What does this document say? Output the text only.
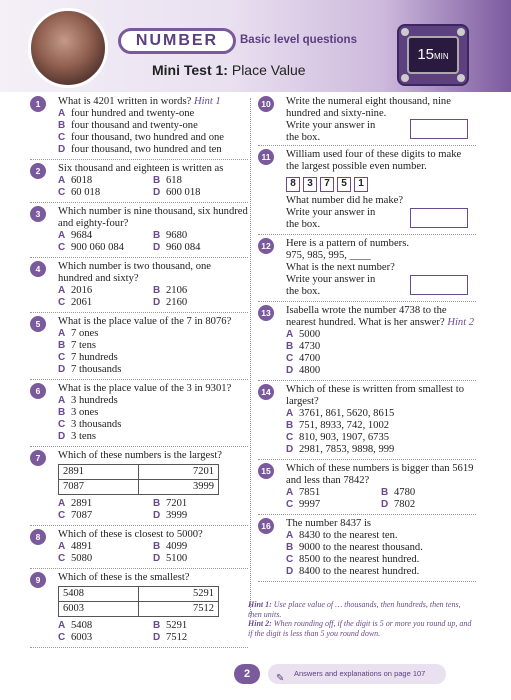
NUMBER	Basic level questions
Mini Test 1: Place Value
15MIN
1	What is 4201 written in words? Hint 1
A four hundred and twenty-one
B four thousand and twenty-one
C four thousand, two hundred and one
D four thousand, two hundred and ten
2	Six thousand and eighteen is written as
A 6018	B 618
C 60 018	D 600 018
3	Which number is nine thousand, six hundred and eighty-four?
A 9684	B 9680
C 900 060 084	D 960 084
4	Which number is two thousand, one hundred and sixty?
A 2016	B 2106
C 2061	D 2160
5	What is the place value of the 7 in 8076?
A 7 ones
B 7 tens
C 7 hundreds
D 7 thousands
6	What is the place value of the 3 in 9301?
A 3 hundreds
B 3 ones
C 3 thousands
D 3 tens
7	Which of these numbers is the largest?
2891	7201
7087	3999
A 2891	B 7201
C 7087	D 3999
8	Which of these is closest to 5000?
A 4891	B 4099
C 5080	D 5100
9	Which of these is the smallest?
5408	5291
6003	7512
A 5408	B 5291
C 6003	D 7512
10	Write the numeral eight thousand, nine hundred and sixty-nine.
Write your answer in the box.
11	William used four of these digits to make the largest possible even number.
8 3 7 5 1
What number did he make?
Write your answer in the box.
12	Here is a pattern of numbers.
975, 985, 995, ____
What is the next number?
Write your answer in the box.
13	Isabella wrote the number 4738 to the nearest hundred. What is her answer? Hint 2
A 5000
B 4730
C 4700
D 4800
14	Which of these is written from smallest to largest?
A 3761, 861, 5620, 8615
B 751, 8933, 742, 1002
C 810, 903, 1907, 6735
D 2981, 7853, 9898, 999
15	Which of these numbers is bigger than 5619 and less than 7842?
A 7851	B 4780
C 9997	D 7802
16	The number 8437 is
A 8430 to the nearest ten.
B 9000 to the nearest thousand.
C 8500 to the nearest hundred.
D 8400 to the nearest hundred.
Hint 1: Use place value of … thousands, then hundreds, then tens, then units.
Hint 2: When rounding off, if the digit is 5 or more you round up, and if the digit is less than 5 you round down.
2	✎ Answers and explanations on page 107
